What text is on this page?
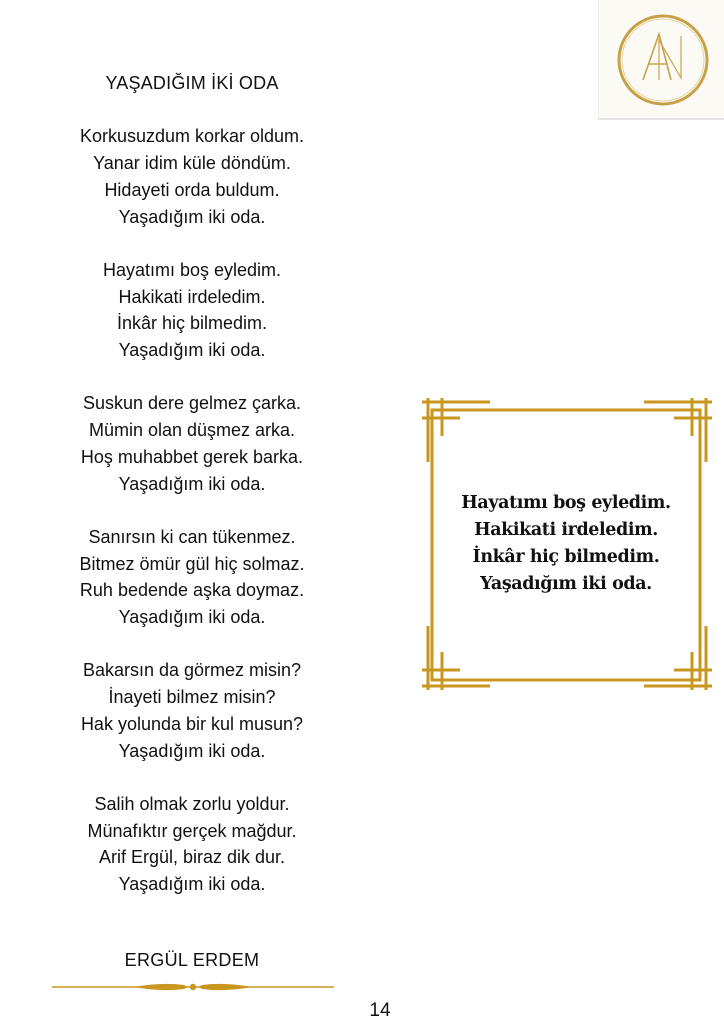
YAŞADIĞIM İKİ ODA
Korkusuzdum korkar oldum.
Yanar idim küle döndüm.
Hidayeti orda buldum.
Yaşadığım iki oda.
Hayatımı boş eyledim.
Hakikati irdeledim.
İnkâr hiç bilmedim.
Yaşadığım iki oda.
Suskun dere gelmez çarka.
Mümin olan düşmez arka.
Hoş muhabbet gerek barka.
Yaşadığım iki oda.
Sanırsın ki can tükenmez.
Bitmez ömür gül hiç solmaz.
Ruh bedende aşka doymaz.
Yaşadığım iki oda.
Bakarsın da görmez misin?
İnayeti bilmez misin?
Hak yolunda bir kul musun?
Yaşadığım iki oda.
Salih olmak zorlu yoldur.
Münafıktır gerçek mağdur.
Arif Ergül, biraz dik dur.
Yaşadığım iki oda.
ERGÜL ERDEM
Hayatımı boş eyledim.
Hakikati irdeledim.
İnkâr hiç bilmedim.
Yaşadığım iki oda.
14
